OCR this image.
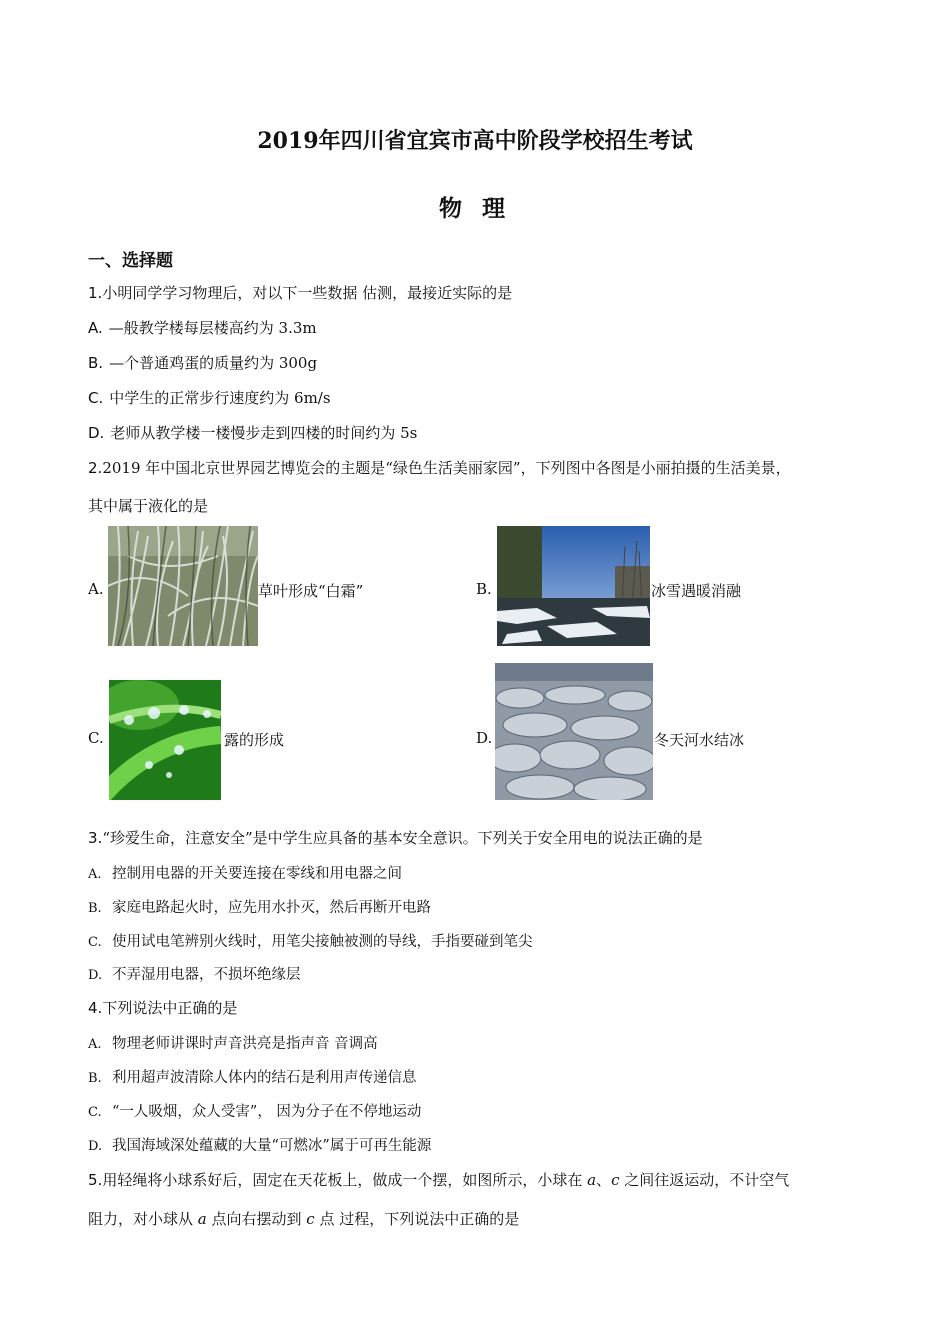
2019年四川省宜宾市高中阶段学校招生考试
物 理
一、选择题
1.小明同学学习物理后，对以下一些数据 估测，最接近实际的是
A. —般教学楼每层楼高约为 3.3m
B. —个普通鸡蛋的质量约为 300g
C. 中学生的正常步行速度约为 6m/s
D. 老师从教学楼一楼慢步走到四楼的时间约为 5s
2.2019 年中国北京世界园艺博览会的主题是“绿色生活美丽家园”，下列图中各图是小丽拍摄的生活美景，
其中属于液化的是
A.	草叶形成“白霜”	B.	冰雪遇暖消融
C.	露的形成	D.	冬天河水结冰
3.“珍爱生命，注意安全”是中学生应具备的基本安全意识。下列关于安全用电的说法正确的是
A. 控制用电器的开关要连接在零线和用电器之间
B. 家庭电路起火时，应先用水扑灭，然后再断开电路
C. 使用试电笔辨别火线时，用笔尖接触被测的导线，手指要碰到笔尖
D. 不弄湿用电器，不损坏绝缘层
4.下列说法中正确的是
A. 物理老师讲课时声音洪亮是指声音 音调高
B. 利用超声波清除人体内的结石是利用声传递信息
C. “一人吸烟，众人受害”， 因为分子在不停地运动
D. 我国海域深处蕴藏的大量“可燃冰”属于可再生能源
5.用轻绳将小球系好后，固定在天花板上，做成一个摆，如图所示，小球在 a、c 之间往返运动，不计空气
阻力，对小球从 a 点向右摆动到 c 点 过程，下列说法中正确的是
